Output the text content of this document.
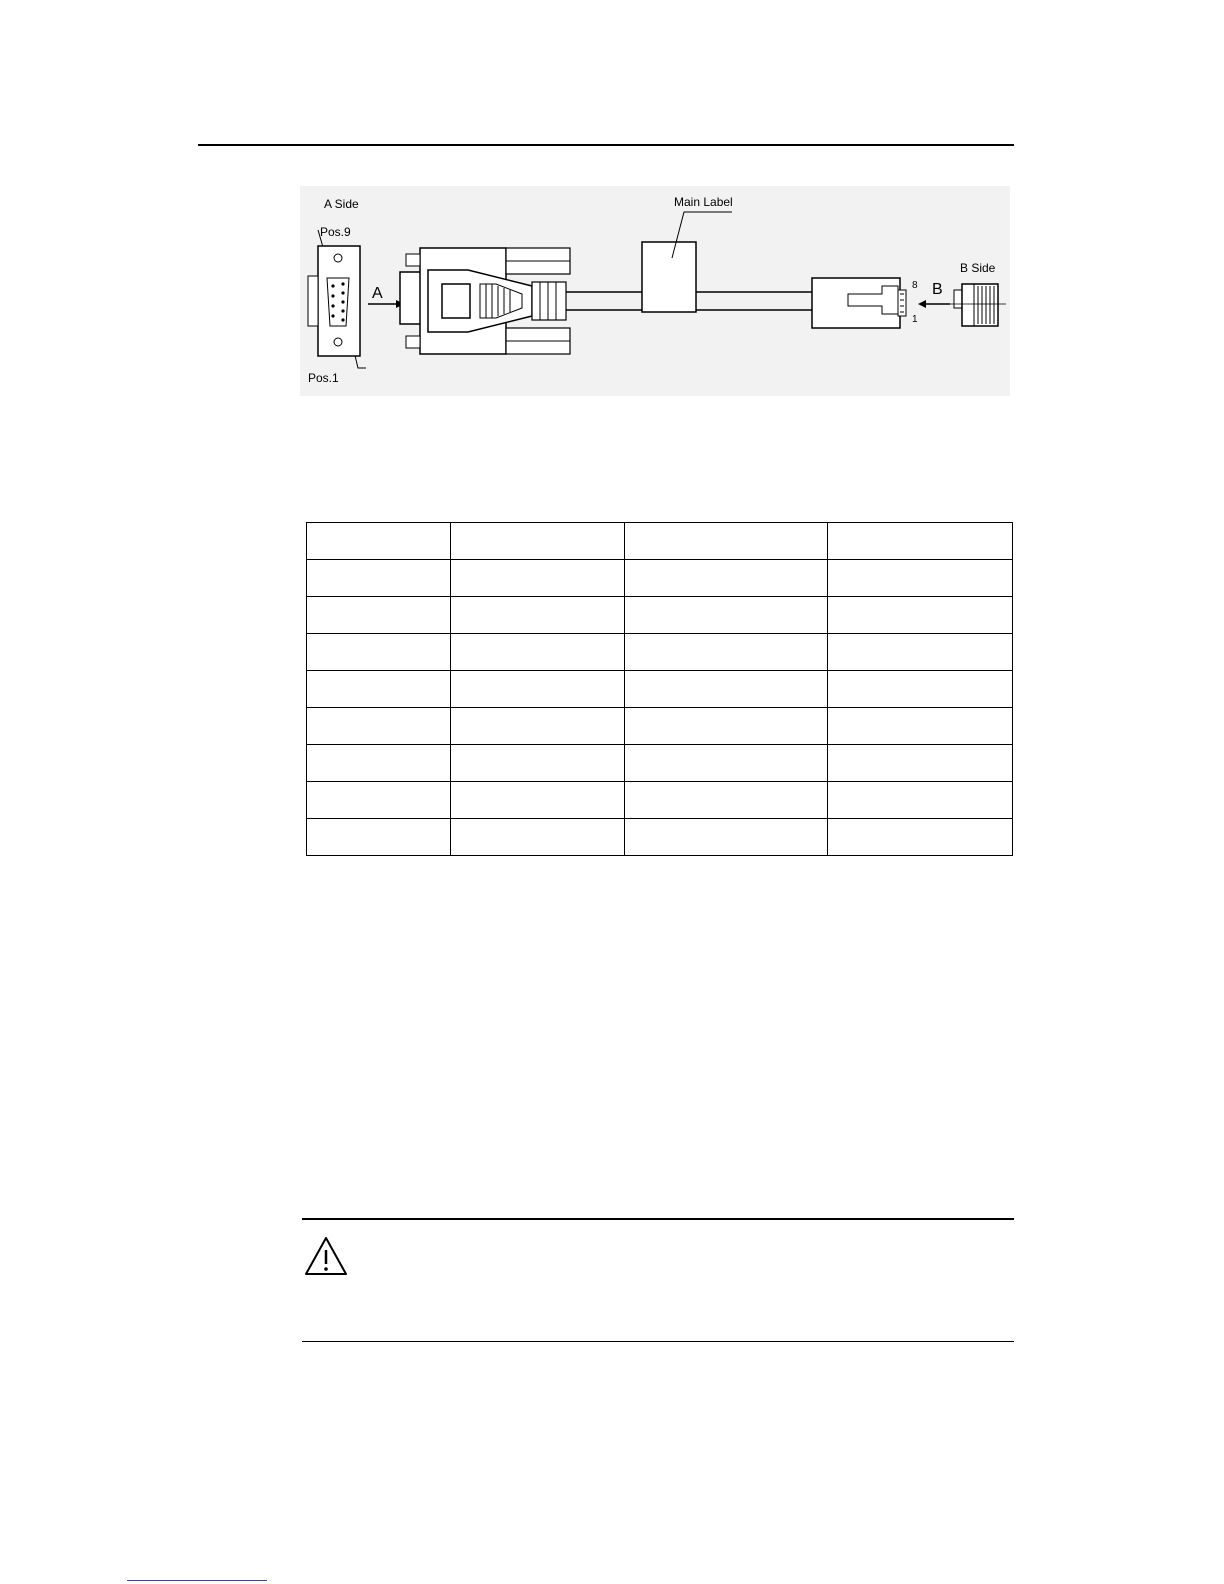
A Side
Pos.9
Pos.1
A
Main Label
8
1
B
B Side
